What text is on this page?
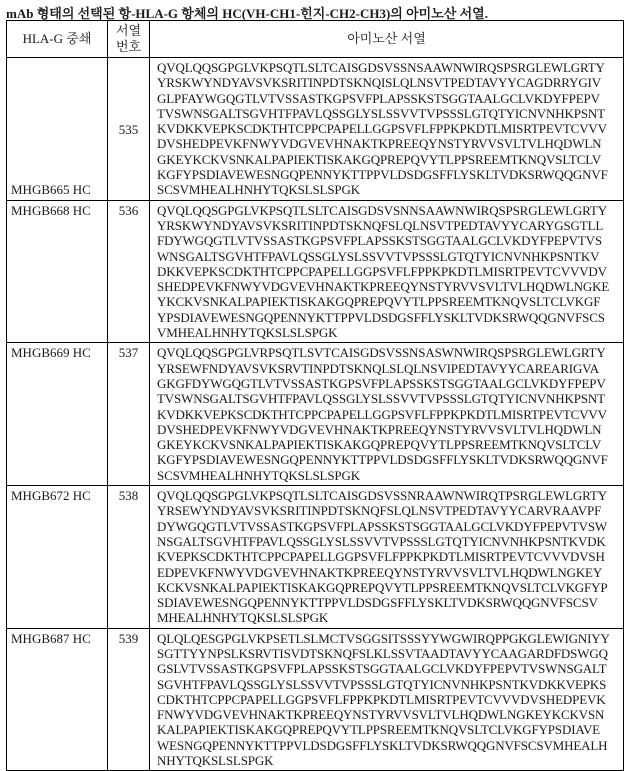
mAb 형태의 선택된 항-HLA-G 항체의 HC(VH-CH1-힌지-CH2-CH3)의 아미노산 서열.
HLA-G 중쇄	
서열
번호
	아미노산 서열
MHGB665 HC	535	
QVQLQQSGPGLVKPSQTLSLTCAISGDSVSSNSAAWNWIRQSPSRGLEWLGRTY
YRSKWYNDYAVSVKSRITINPDTSKNQISLQLNSVTPEDTAVYYCAGDRRYGIV
GLPFAYWGQGTLVTVSSASTKGPSVFPLAPSSKSTSGGTAALGCLVKDYFPEPV
TVSWNSGALTSGVHTFPAVLQSSGLYSLSSVVTVPSSSLGTQTYICNVNHKPSNT
KVDKKVEPKSCDKTHTCPPCPAPELLGGPSVFLFPPKPKDTLMISRTPEVTCVVV
DVSHEDPEVKFNWYVDGVEVHNAKTKPREEQYNSTYRVVSVLTVLHQDWLN
GKEYKCKVSNKALPAPIEKTISKAKGQPREPQVYTLPPSREEMTKNQVSLTCLV
KGFYPSDIAVEWESNGQPENNYKTTPPVLDSDGSFFLYSKLTVDKSRWQQGNVF
SCSVMHEALHNHYTQKSLSLSPGK

MHGB668 HC	536	QVQLQQSGPGLVKPSQTLSLTCAISGDSVSNNSAAWNWIRQSPSRGLEWLGRTY
YRSKWYNDYAVSVKSRITINPDTSKNQFSLQLNSVTPEDTAVYYCARYGSGTLL
FDYWGQGTLVTVSSASTKGPSVFPLAPSSKSTSGGTAALGCLVKDYFPEPVTVS
WNSGALTSGVHTFPAVLQSSGLYSLSSVVTVPSSSLGTQTYICNVNHKPSNTKV
DKKVEPKSCDKTHTCPPCPAPELLGGPSVFLFPPKPKDTLMISRTPEVTCVVVDV
SHEDPEVKFNWYVDGVEVHNAKTKPREEQYNSTYRVVSVLTVLHQDWLNGKE
YKCKVSNKALPAPIEKTISKAKGQPREPQVYTLPPSREEMTKNQVSLTCLVKGF
YPSDIAVEWESNGQPENNYKTTPPVLDSDGSFFLYSKLTVDKSRWQQGNVFSCS
VMHEALHNHYTQKSLSLSPGK

MHGB669 HC	537	QVQLQQSGPGLVRPSQTLSVTCAISGDSVSSNSASWNWIRQSPSRGLEWLGRTY
YRSEWFNDYAVSVKSRVTINPDTSKNQLSLQLNSVIPEDTAVYYCAREARIGVA
GKGFDYWGQGTLVTVSSASTKGPSVFPLAPSSKSTSGGTAALGCLVKDYFPEPV
TVSWNSGALTSGVHTFPAVLQSSGLYSLSSVVTVPSSSLGTQTYICNVNHKPSNT
KVDKKVEPKSCDKTHTCPPCPAPELLGGPSVFLFPPKPKDTLMISRTPEVTCVVV
DVSHEDPEVKFNWYVDGVEVHNAKTKPREEQYNSTYRVVSVLTVLHQDWLN
GKEYKCKVSNKALPAPIEKTISKAKGQPREPQVYTLPPSREEMTKNQVSLTCLV
KGFYPSDIAVEWESNGQPENNYKTTPPVLDSDGSFFLYSKLTVDKSRWQQGNVF
SCSVMHEALHNHYTQKSLSLSPGK

MHGB672 HC	538	QVQLQQSGPGLVKPSQTLSLTCAISGDSVSSNRAAWNWIRQTPSRGLEWLGRTY
YRSEWYNDYAVSVKSRITINPDTSKNQFSLQLNSVTPEDTAVYYCARVRAAVPF
DYWGQGTLVTVSSASTKGPSVFPLAPSSKSTSGGTAALGCLVKDYFPEPVTVSW
NSGALTSGVHTFPAVLQSSGLYSLSSVVTVPSSSLGTQTYICNVNHKPSNTKVDK
KVEPKSCDKTHTCPPCPAPELLGGPSVFLFPPKPKDTLMISRTPEVTCVVVDVSH
EDPEVKFNWYVDGVEVHNAKTKPREEQYNSTYRVVSVLTVLHQDWLNGKEY
KCKVSNKALPAPIEKTISKAKGQPREPQVYTLPPSREEMTKNQVSLTCLVKGFYP
SDIAVEWESNGQPENNYKTTPPVLDSDGSFFLYSKLTVDKSRWQQGNVFSCSV
MHEALHNHYTQKSLSLSPGK

MHGB687 HC	539	QLQLQESGPGLVKPSETLSLMCTVSGGSITSSSYYWGWIRQPPGKGLEWIGNIYY
SGTTYYNPSLKSRVTISVDTSKNQFSLKLSSVTAADTAVYYCAAGARDFDSWGQ
GSLVTVSSASTKGPSVFPLAPSSKSTSGGTAALGCLVKDYFPEPVTVSWNSGALT
SGVHTFPAVLQSSGLYSLSSVVTVPSSSLGTQTYICNVNHKPSNTKVDKKVEPKS
CDKTHTCPPCPAPELLGGPSVFLFPPKPKDTLMISRTPEVTCVVVDVSHEDPEVK
FNWYVDGVEVHNAKTKPREEQYNSTYRVVSVLTVLHQDWLNGKEYKCKVSN
KALPAPIEKTISKAKGQPREPQVYTLPPSREEMTKNQVSLTCLVKGFYPSDIAVE
WESNGQPENNYKTTPPVLDSDGSFFLYSKLTVDKSRWQQGNVFSCSVMHEALH
NHYTQKSLSLSPGK
